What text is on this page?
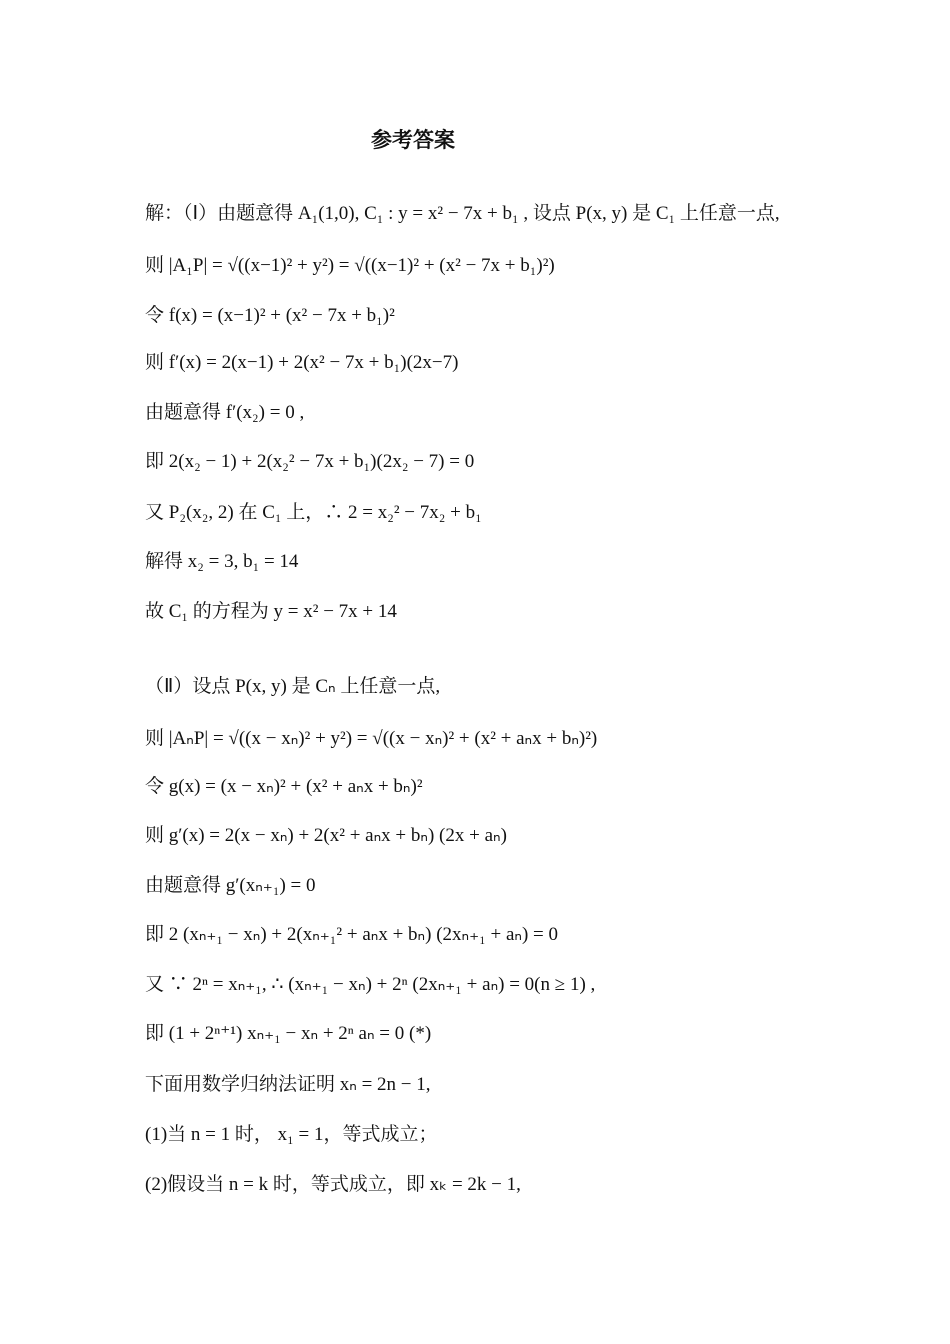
参考答案
解：（Ⅰ）由题意得 A₁(1,0), C₁ : y = x² − 7x + b₁ , 设点 P(x, y) 是 C₁ 上任意一点,
则 |A₁P| = √((x−1)² + y²) = √((x−1)² + (x² − 7x + b₁)²)
令 f(x) = (x−1)² + (x² − 7x + b₁)²
则 f′(x) = 2(x−1) + 2(x² − 7x + b₁)(2x−7)
由题意得 f′(x₂) = 0 ,
即 2(x₂ − 1) + 2(x₂² − 7x + b₁)(2x₂ − 7) = 0
又 P₂(x₂, 2) 在 C₁ 上，∴ 2 = x₂² − 7x₂ + b₁
解得 x₂ = 3, b₁ = 14
故 C₁ 的方程为 y = x² − 7x + 14
（Ⅱ）设点 P(x, y) 是 Cₙ 上任意一点,
则 |AₙP| = √((x − xₙ)² + y²) = √((x − xₙ)² + (x² + aₙx + bₙ)²)
令 g(x) = (x − xₙ)² + (x² + aₙx + bₙ)²
则 g′(x) = 2(x − xₙ) + 2(x² + aₙx + bₙ) (2x + aₙ)
由题意得 g′(xₙ₊₁) = 0
即 2 (xₙ₊₁ − xₙ) + 2(xₙ₊₁² + aₙx + bₙ) (2xₙ₊₁ + aₙ) = 0
又 ∵ 2ⁿ = xₙ₊₁, ∴ (xₙ₊₁ − xₙ) + 2ⁿ (2xₙ₊₁ + aₙ) = 0(n ≥ 1) ,
即 (1 + 2ⁿ⁺¹) xₙ₊₁ − xₙ + 2ⁿ aₙ = 0 (*)
下面用数学归纳法证明 xₙ = 2n − 1,
(1)当 n = 1 时， x₁ = 1，等式成立；
(2)假设当 n = k 时，等式成立，即 xₖ = 2k − 1,
